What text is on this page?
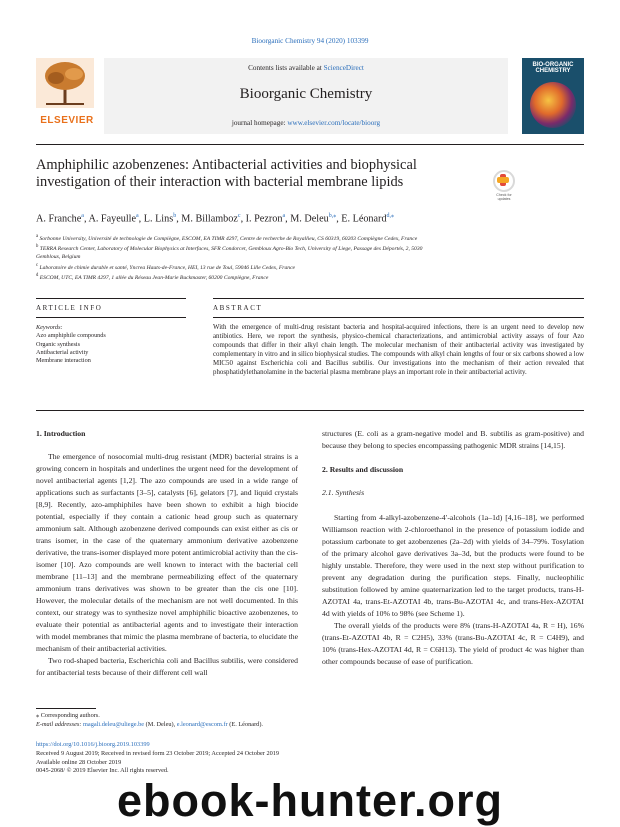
Bioorganic Chemistry 94 (2020) 103399
ELSEVIER
Contents lists available at ScienceDirect
Bioorganic Chemistry
journal homepage: www.elsevier.com/locate/bioorg
BIO-ORGANIC CHEMISTRY
Amphiphilic azobenzenes: Antibacterial activities and biophysical
investigation of their interaction with bacterial membrane lipids
Check for updates
A. Franche$^a$, A. Fayeulle$^a$, L. Lins$^b$, M. Billamboz$^c$, I. Pezron$^a$, M. Deleu$^{b,⁎}$, E. Léonard$^{d,⁎}$
$^a$ Sorbonne University, Université de technologie de Compiègne, ESCOM, EA TIMR 4297, Centre de recherche de Royallieu, CS 60319, 60203 Compiègne Cedex, France
$^b$ TERRA Research Center, Laboratory of Molecular Biophysics at Interfaces, SFR Condorcet, Gembloux Agro-Bio Tech, University of Liege, Passage des Déportés, 2, 5030
Gembloux, Belgium
$^c$ Laboratoire de chimie durable et santé, Yncrea Hauts-de-France, HEI, 13 rue de Toul, 59046 Lille Cedex, France
$^d$ ESCOM, UTC, EA TIMR 4297, 1 allée du Réseau Jean-Marie Buckmaster, 60200 Compiègne, France
ARTICLE INFO	ABSTRACT
Keywords:
Azo amphiphile compounds
Organic synthesis
Antibacterial activity
Membrane interaction
With the emergence of multi-drug resistant bacteria and hospital-acquired infections, there is an urgent need to develop new antibiotics. Here, we report the synthesis, physico-chemical characterizations, and antimicrobial activity assays of four Azo compounds that differ in their alkyl chain length. The molecular mechanism of their antibacterial activity was investigated by complementary in vitro and in silico biophysical studies. The compounds with alkyl chain lengths of four or six carbons showed a low MIC50 against Escherichia coli and Bacillus subtilis. Our investigations into the mechanism of their action revealed that phosphatidylethanolamine in the bacterial plasma membrane plays an important role in their antibacterial activity.

1. Introduction

The emergence of nosocomial multi-drug resistant (MDR) bacterial strains is a growing concern in hospitals and underlines the urgent need for the development of novel antibacterial agents [1,2]. The azo compounds are used in a wide range of applications such as surfactants [3–5], catalysts [6], gelators [7], and liquid crystals [8,9]. Recently, azo-amphiphiles have been shown to exhibit a high biocide potential, especially if they contain a cationic head group such as quaternary ammonium salt. Although azobenzene derived compounds can exist either as cis or trans isomer, in the case of the quaternary ammonium derivative azobenzene derivative, the trans-isomer displayed more potent antimicrobial activity than the cis-isomer [10]. Azo compounds are well known to interact with the bacterial cell membrane [11–13] and the membrane permeabilizing effect of the quaternary ammonium trans derivatives was shown to be greater than the cis one [10]. However, the molecular details of the mechanism are not well documented. In this context, our strategy was to synthesize novel amphiphilic bioactive azobenzenes, to evaluate their potential as antibacterial agents and to investigate their interaction with model membranes that mimic the plasma membrane of bacteria, to elucidate the mechanism of their antibacterial activities.

Two rod-shaped bacteria, Escherichia coli and Bacillus subtilis, were considered for antibacterial tests because of their different cell wall

structures (E. coli as a gram-negative model and B. subtilis as gram-positive) and because they belong to species encompassing pathogenic MDR strains [14,15].

2. Results and discussion

2.1. Synthesis

Starting from 4-alkyl-azobenzene-4′-alcohols (1a–1d) [4,16–18], we performed Williamson reaction with 2-chloroethanol in the presence of potassium iodide and potassium carbonate to get azobenzenes (2a–2d) with yields of 34–79%. Tosylation of the primary alcohol gave derivatives 3a–3d, but the products were found to be highly unstable. Therefore, they were used in the next step without purification to prevent any degradation during the purification steps. Finally, nucleophilic substitution followed by amine quaternarization led to the target products, trans-H-AZOTAI 4a, trans-Et-AZOTAI 4b, trans-Bu-AZOTAI 4c, and trans-Hex-AZOTAI 4d with yields of 10% to 98% (see Scheme 1).

The overall yields of the products were 8% (trans-H-AZOTAI 4a, R = H), 16% (trans-Et-AZOTAI 4b, R = C2H5), 33% (trans-Bu-AZOTAI 4c, R = C4H9), and 10% (trans-Hex-AZOTAI 4d, R = C6H13). The yield of product 4c was higher than other compounds because of ease of purification.

⁎ Corresponding authors.
E-mail addresses: magali.deleu@uliege.be (M. Deleu), e.leonard@escom.fr (E. Léonard).
https://doi.org/10.1016/j.bioorg.2019.103399
Received 9 August 2019; Received in revised form 23 October 2019; Accepted 24 October 2019
Available online 28 October 2019
0045-2068/ © 2019 Elsevier Inc. All rights reserved.
ebook-hunter.org
